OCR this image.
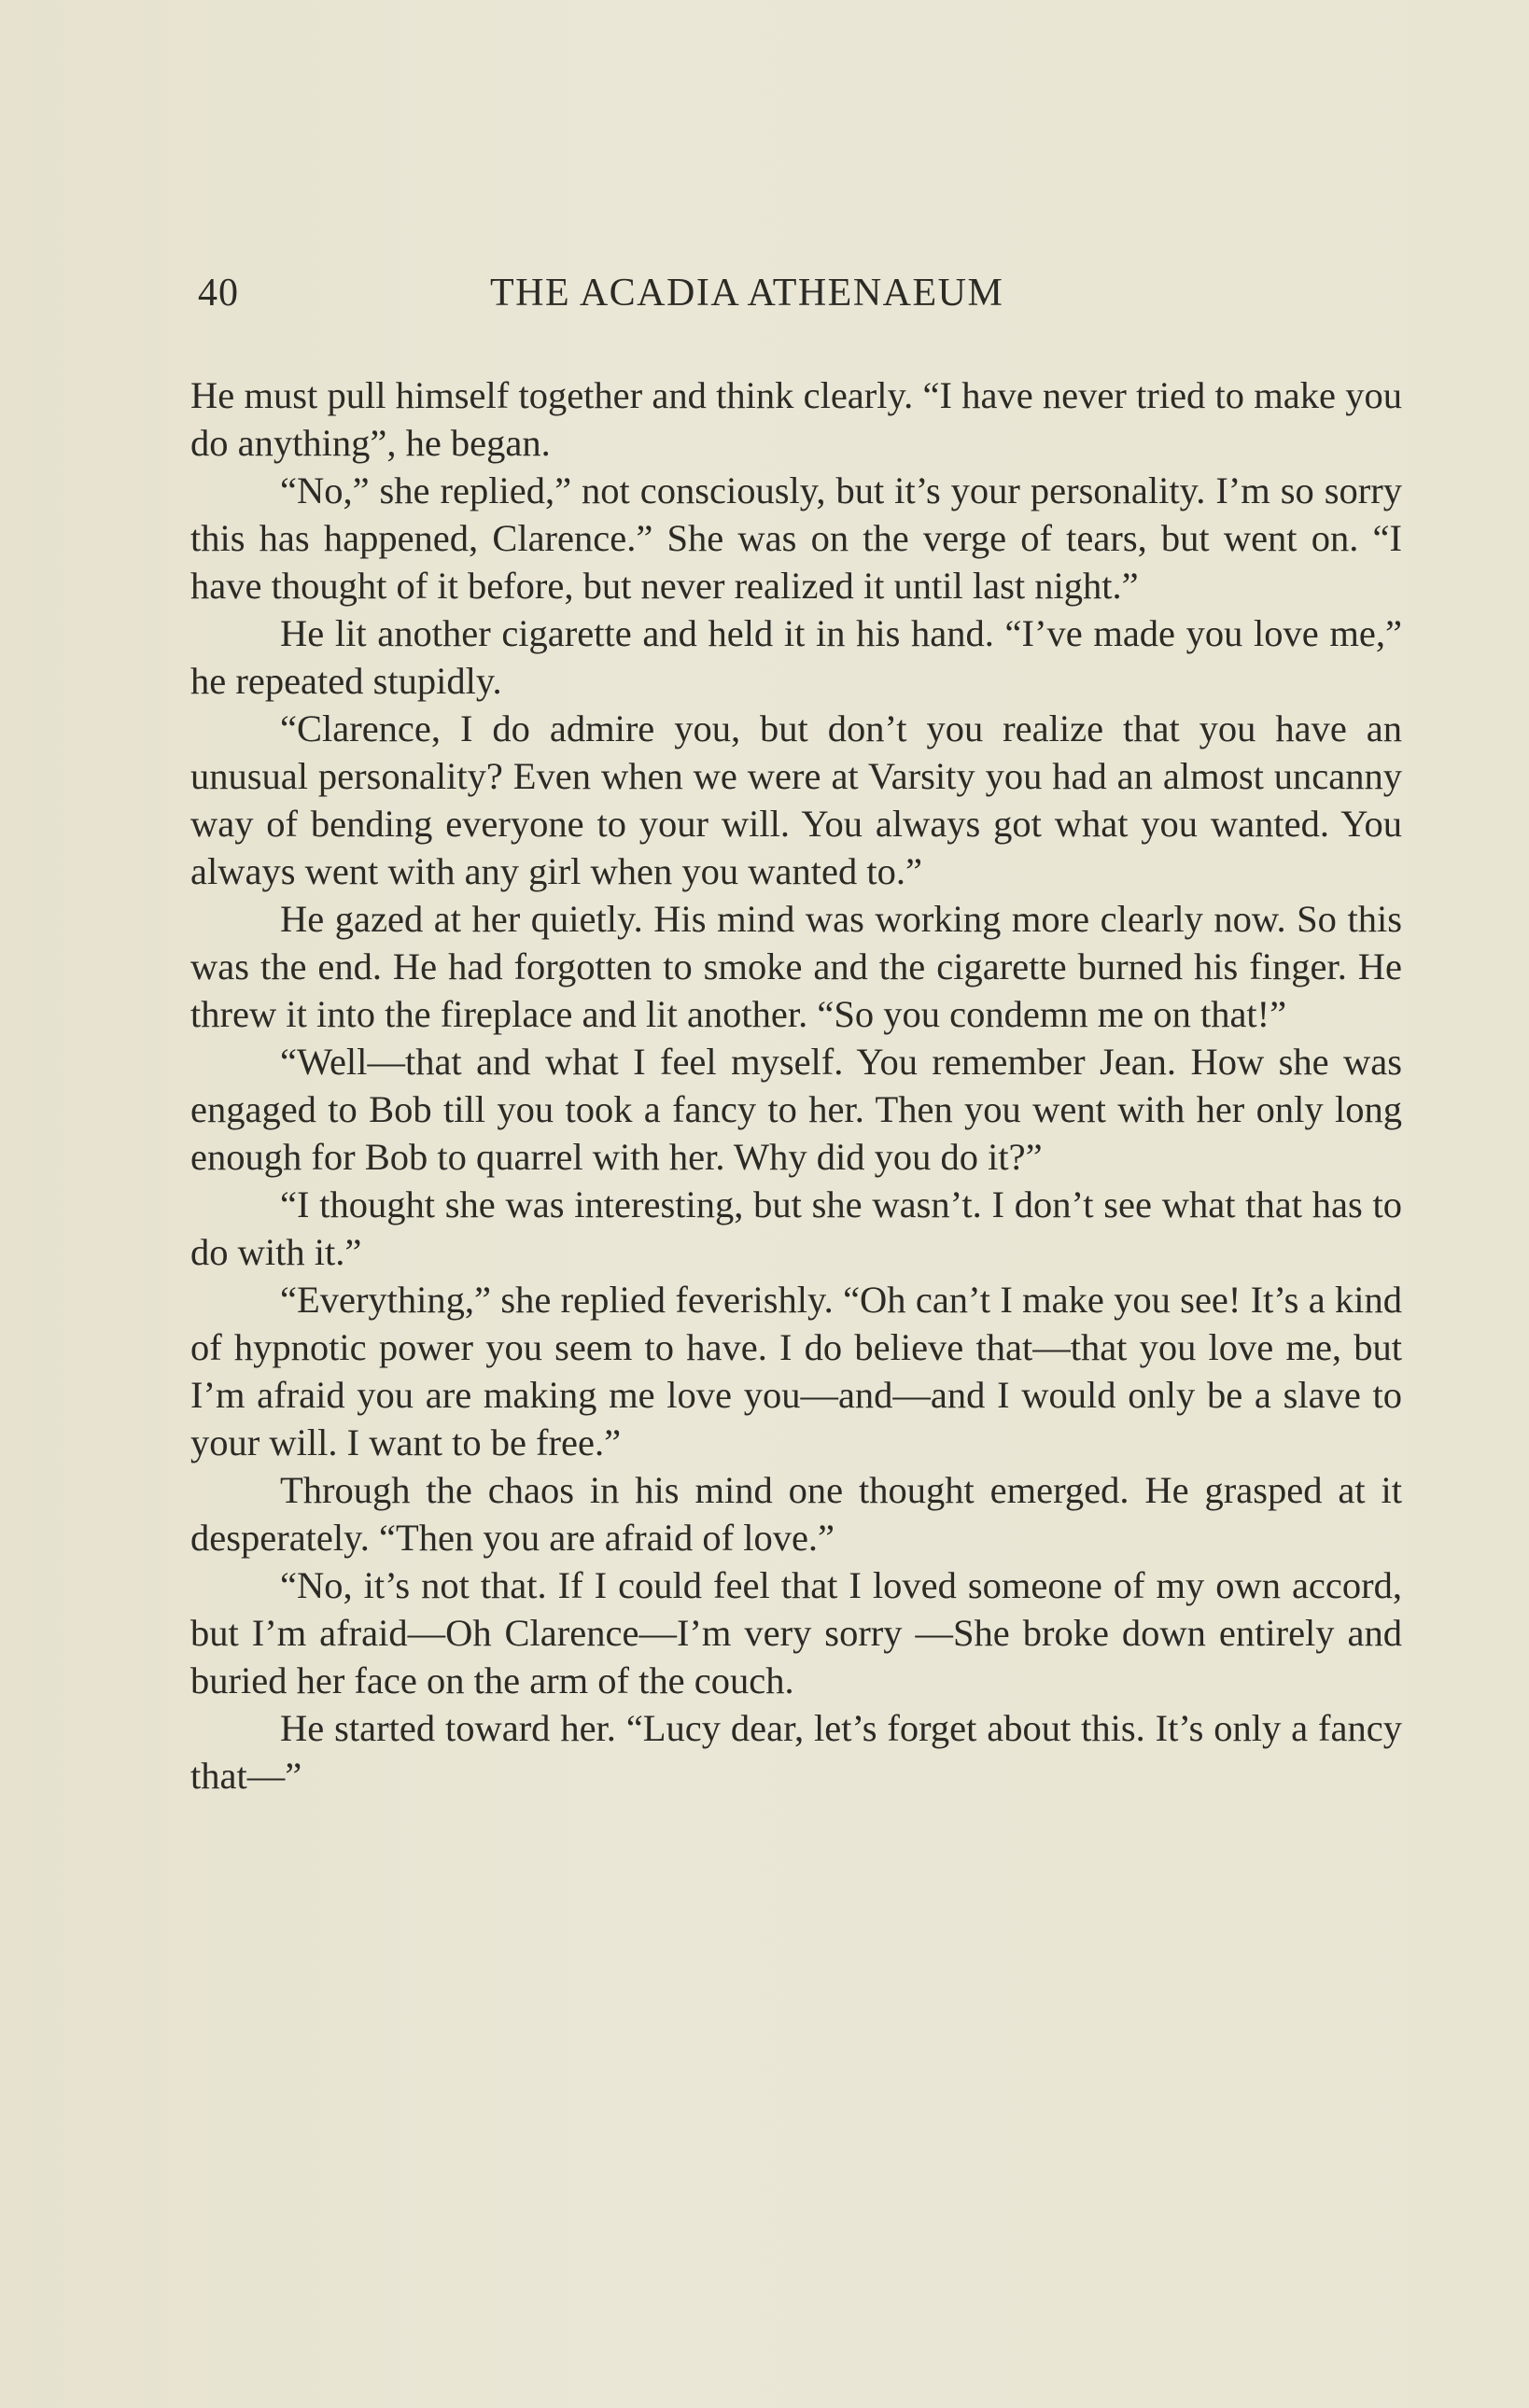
40	THE ACADIA ATHENAEUM

He must pull himself together and think clearly. “I have never tried to make you do anything”, he began.

“No,” she replied,” not consciously, but it’s your personality. I’m so sorry this has happened, Clarence.” She was on the verge of tears, but went on. “I have thought of it before, but never realized it until last night.”

He lit another cigarette and held it in his hand. “I’ve made you love me,” he repeated stupidly.

“Clarence, I do admire you, but don’t you realize that you have an unusual personality? Even when we were at Varsity you had an almost uncanny way of bending everyone to your will. You always got what you wanted. You always went with any girl when you wanted to.”

He gazed at her quietly. His mind was working more clearly now. So this was the end. He had forgotten to smoke and the cigarette burned his finger. He threw it into the fireplace and lit another. “So you condemn me on that!”

“Well—that and what I feel myself. You remember Jean. How she was engaged to Bob till you took a fancy to her. Then you went with her only long enough for Bob to quarrel with her. Why did you do it?”

“I thought she was interesting, but she wasn’t. I don’t see what that has to do with it.”

“Everything,” she replied feverishly. “Oh can’t I make you see! It’s a kind of hypnotic power you seem to have. I do believe that—that you love me, but I’m afraid you are making me love you—and—and I would only be a slave to your will. I want to be free.”

Through the chaos in his mind one thought emerged. He grasped at it desperately. “Then you are afraid of love.”

“No, it’s not that. If I could feel that I loved someone of my own accord, but I’m afraid—Oh Clarence—I’m very sorry —She broke down entirely and buried her face on the arm of the couch.

He started toward her. “Lucy dear, let’s forget about this. It’s only a fancy that—”
